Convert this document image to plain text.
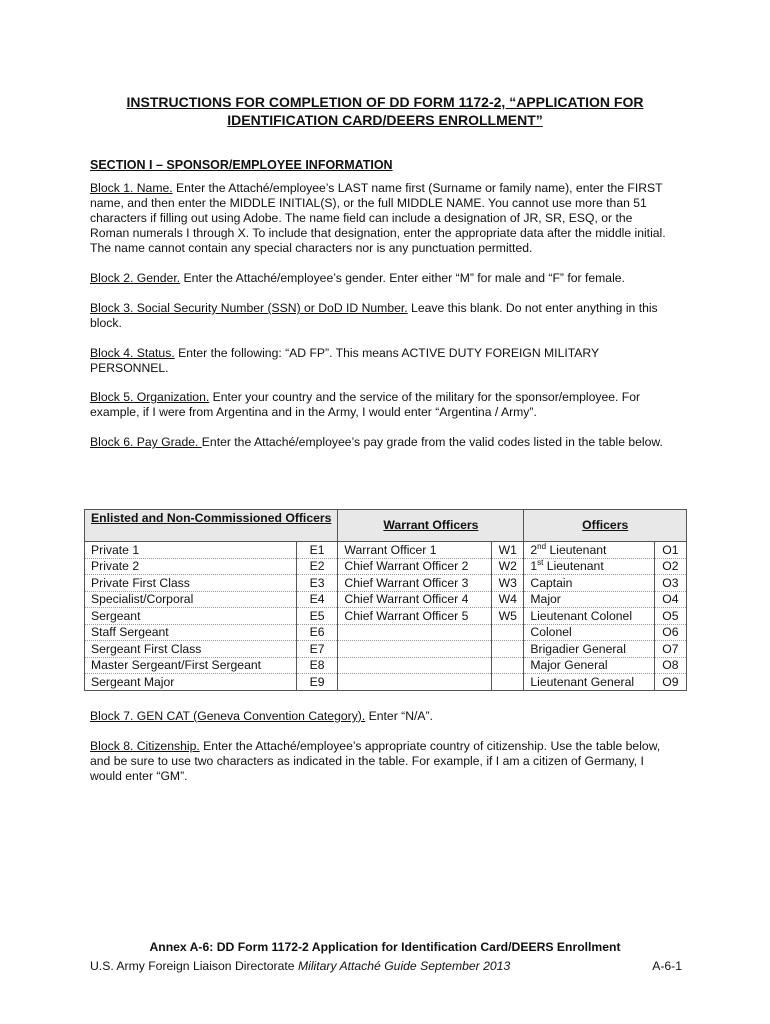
INSTRUCTIONS FOR COMPLETION OF DD FORM 1172-2, “APPLICATION FOR IDENTIFICATION CARD/DEERS ENROLLMENT”
SECTION I – SPONSOR/EMPLOYEE INFORMATION

Block 1. Name. Enter the Attaché/employee’s LAST name first (Surname or family name), enter the FIRST name, and then enter the MIDDLE INITIAL(S), or the full MIDDLE NAME. You cannot use more than 51 characters if filling out using Adobe. The name field can include a designation of JR, SR, ESQ, or the Roman numerals I through X. To include that designation, enter the appropriate data after the middle initial. The name cannot contain any special characters nor is any punctuation permitted.

Block 2. Gender. Enter the Attaché/employee’s gender. Enter either “M” for male and “F” for female.

Block 3. Social Security Number (SSN) or DoD ID Number. Leave this blank. Do not enter anything in this block.

Block 4. Status. Enter the following: “AD FP”. This means ACTIVE DUTY FOREIGN MILITARY PERSONNEL.

Block 5. Organization. Enter your country and the service of the military for the sponsor/employee. For example, if I were from Argentina and in the Army, I would enter “Argentina / Army”.

Block 6. Pay Grade. Enter the Attaché/employee’s pay grade from the valid codes listed in the table below.

Enlisted and Non-Commissioned Officers		Warrant Officers		Officers	
Private 1	E1	Warrant Officer 1	W1	2nd Lieutenant	O1
Private 2	E2	Chief Warrant Officer 2	W2	1st Lieutenant	O2
Private First Class	E3	Chief Warrant Officer 3	W3	Captain	O3
Specialist/Corporal	E4	Chief Warrant Officer 4	W4	Major	O4
Sergeant	E5	Chief Warrant Officer 5	W5	Lieutenant Colonel	O5
Staff Sergeant	E6			Colonel	O6
Sergeant First Class	E7			Brigadier General	O7
Master Sergeant/First Sergeant	E8			Major General	O8
Sergeant Major	E9			Lieutenant General	O9

Block 7. GEN CAT (Geneva Convention Category). Enter “N/A”.

Block 8. Citizenship. Enter the Attaché/employee’s appropriate country of citizenship. Use the table below, and be sure to use two characters as indicated in the table. For example, if I am a citizen of Germany, I would enter “GM”.

Annex A-6: DD Form 1172-2 Application for Identification Card/DEERS Enrollment

U.S. Army Foreign Liaison Directorate Military Attaché Guide September 2013	A-6-1
